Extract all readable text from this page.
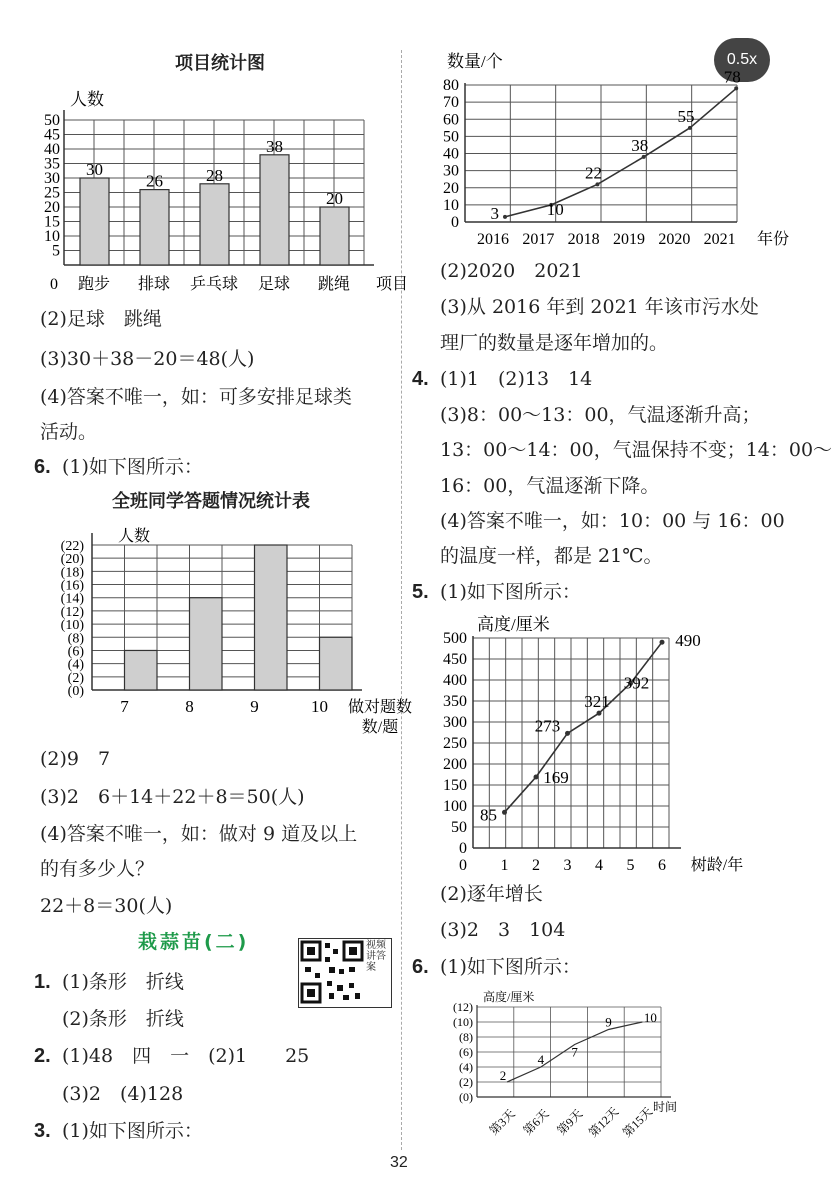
0.5x
项目统计图
人数
5
10
15
20
25
30
35
40
45
50
0
30
跑步
26
排球
28
乒乓球
38
足球
20
跳绳 项目
(2)足球　跳绳
(3)30＋38－20＝48(人)
(4)答案不唯一，如：可多安排足球类
活动。
6. (1)如下图所示：
全班同学答题情况统计表
人数
(0)
(2)
(4)
(6)
(8)
(10)
(12)
(14)
(16)
(18)
(20)
(22)
7	8	9	10 做对题数
数/题
(2)9　7
(3)2　6＋14＋22＋8＝50(人)
(4)答案不唯一，如：做对 9 道及以上
的有多少人？
22＋8＝30(人)
栽蒜苗(二)	视频讲答案
1. (1)条形　折线
(2)条形　折线
2. (1)48　四　一　(2)1　　25
(3)2　(4)128
3. (1)如下图所示：
数量/个
0
10
20
30
40
50
60
70
80
3
2016
10
2017
22
2018
38
2019
55
2020
78
2021 年份
(2)2020　2021
(3)从 2016 年到 2021 年该市污水处
理厂的数量是逐年增加的。
4. (1)1　(2)13　14
(3)8：00～13：00，气温逐渐升高；
13：00～14：00，气温保持不变；14：00～
16：00，气温逐渐下降。
(4)答案不唯一，如：10：00 与 16：00
的温度一样，都是 21℃。
5. (1)如下图所示：
高度/厘米
0
50
100
150
200
250
300
350
400
450
500
85
169
273
321
392
490
0 1 2 3 4 5 6 树龄/年
(2)逐年增长
(3)2　3　104
6. (1)如下图所示：
高度/厘米
(0)
(2)
(4)
(6)
(8)
(10)
(12)
2
第3天
4
第6天
7
第9天
9
第12天
10
第15天
时间
32
